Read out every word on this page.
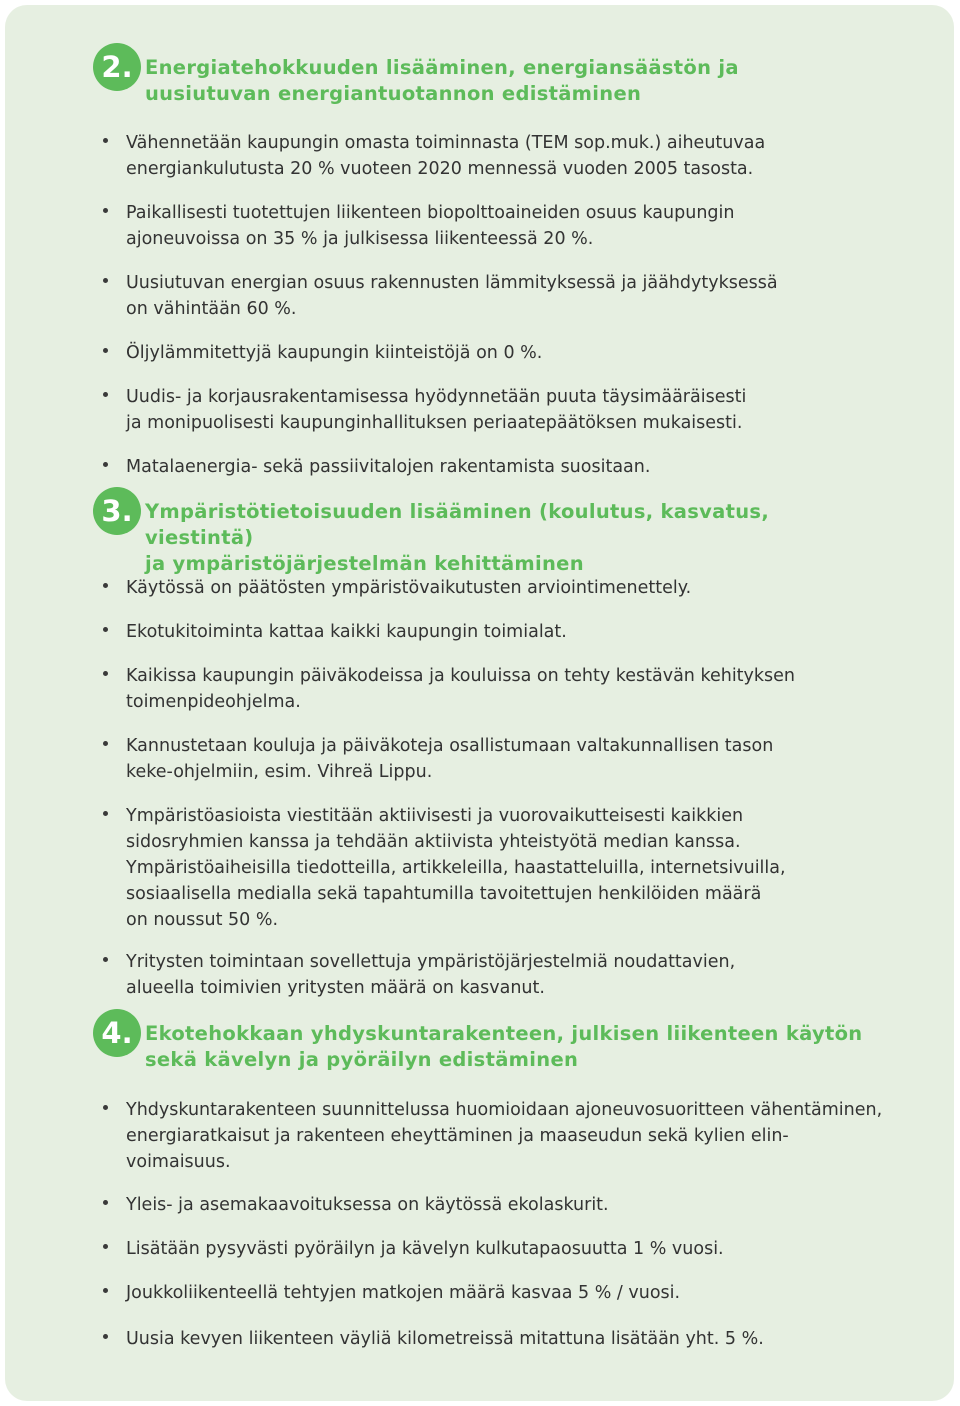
2. Energiatehokkuuden lisääminen, energiansäästön ja
uusiutuvan energiantuotannon edistäminen
Vähennetään kaupungin omasta toiminnasta (TEM sop.muk.) aiheutuvaa
energiankulutusta 20 % vuoteen 2020 mennessä vuoden 2005 tasosta.
Paikallisesti tuotettujen liikenteen biopolttoaineiden osuus kaupungin
ajoneuvoissa on 35 % ja julkisessa liikenteessä 20 %.
Uusiutuvan energian osuus rakennusten lämmityksessä ja jäähdytyksessä
on vähintään 60 %.
Öljylämmitettyjä kaupungin kiinteistöjä on 0 %.
Uudis- ja korjausrakentamisessa hyödynnetään puuta täysimääräisesti
ja monipuolisesti kaupunginhallituksen periaatepäätöksen mukaisesti.
Matalaenergia- sekä passiivitalojen rakentamista suositaan.
3. Ympäristötietoisuuden lisääminen (koulutus, kasvatus, viestintä)
ja ympäristöjärjestelmän kehittäminen
Käytössä on päätösten ympäristövaikutusten arviointimenettely.
Ekotukitoiminta kattaa kaikki kaupungin toimialat.
Kaikissa kaupungin päiväkodeissa ja kouluissa on tehty kestävän kehityksen
toimenpideohjelma.
Kannustetaan kouluja ja päiväkoteja osallistumaan valtakunnallisen tason
keke-ohjelmiin, esim. Vihreä Lippu.
Ympäristöasioista viestitään aktiivisesti ja vuorovaikutteisesti kaikkien
sidosryhmien kanssa ja tehdään aktiivista yhteistyötä median kanssa.
Ympäristöaiheisilla tiedotteilla, artikkeleilla, haastatteluilla, internetsivuilla,
sosiaalisella medialla sekä tapahtumilla tavoitettujen henkilöiden määrä
on noussut 50 %.
Yritysten toimintaan sovellettuja ympäristöjärjestelmiä noudattavien,
alueella toimivien yritysten määrä on kasvanut.
4. Ekotehokkaan yhdyskuntarakenteen, julkisen liikenteen käytön
sekä kävelyn ja pyöräilyn edistäminen
Yhdyskuntarakenteen suunnittelussa huomioidaan ajoneuvosuoritteen vähentäminen,
energiaratkaisut ja rakenteen eheyttäminen ja maaseudun sekä kylien elin-
voimaisuus.
Yleis- ja asemakaavoituksessa on käytössä ekolaskurit.
Lisätään pysyvästi pyöräilyn ja kävelyn kulkutapaosuutta 1 % vuosi.
Joukkoliikenteellä tehtyjen matkojen määrä kasvaa 5 % / vuosi.
Uusia kevyen liikenteen väyliä kilometreissä mitattuna lisätään yht. 5 %.
